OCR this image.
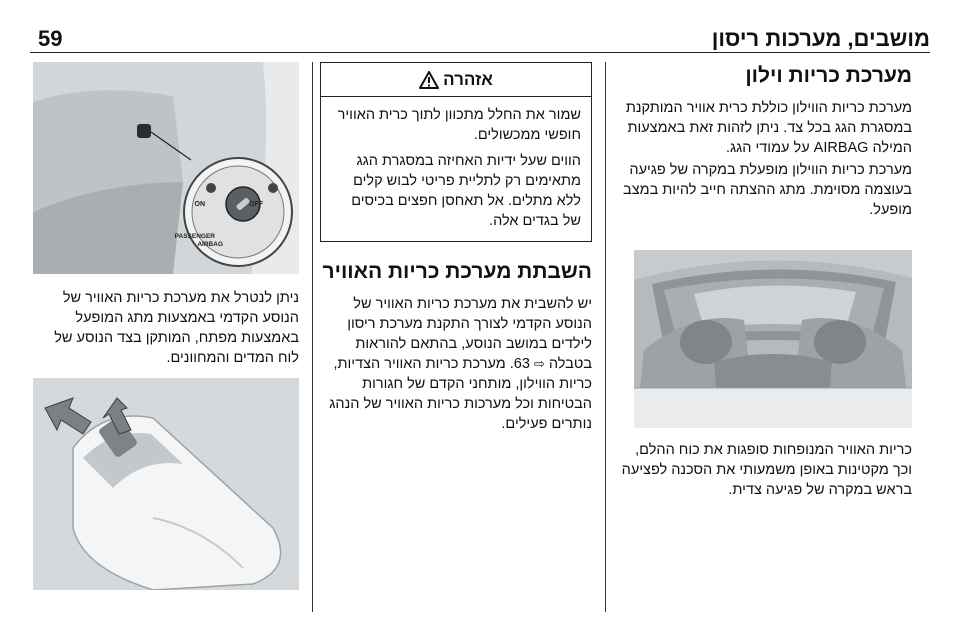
59	מושבים, מערכות ריסון
מערכת כריות וילון

מערכת כריות הווילון כוללת כרית אוויר המותקנת במסגרת הגג בכל צד. ניתן לזהות זאת באמצעות המילה AIRBAG על עמודי הגג.

מערכת כריות הווילון מופעלת במקרה של פגיעה בעוצמה מסוימת. מתג ההצתה חייב להיות במצב מופעל.

כריות האוויר המנופחות סופגות את כוח ההלם, וכך מקטינות באופן משמעותי את הסכנה לפציעה בראש במקרה של פגיעה צדית.

אזהרה

שמור את החלל מתכוון לתוך כרית האוויר חופשי ממכשולים.

הווים שעל ידיות האחיזה במסגרת הגג מתאימים רק לתליית פריטי לבוש קלים ללא מתלים. אל תאחסן חפצים בכיסים של בגדים אלה.

השבתת מערכת כריות האוויר

יש להשבית את מערכת כריות האוויר של הנוסע הקדמי לצורך התקנת מערכת ריסון לילדים במושב הנוסע, בהתאם להוראות בטבלה ⇨ 63. מערכת כריות האוויר הצדיות, כריות הווילון, מותחני הקדם של חגורות הבטיחות וכל מערכות כריות האוויר של הנהג נותרים פעילים.

ON	OFF
PASSENGER
AIRBAG

ניתן לנטרל את מערכת כריות האוויר של הנוסע הקדמי באמצעות מתג המופעל באמצעות מפתח, המותקן בצד הנוסע של לוח המדים והמחוונים.
